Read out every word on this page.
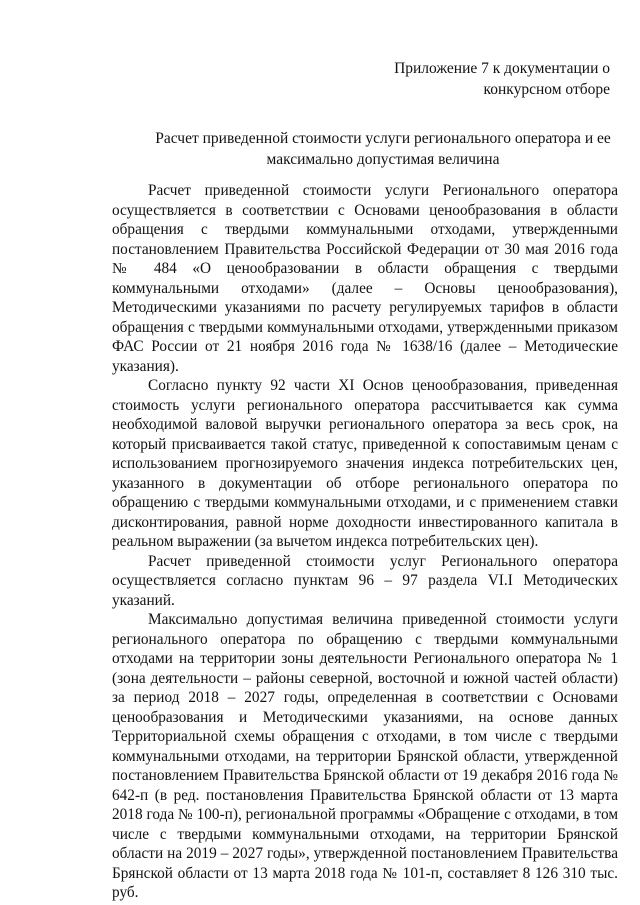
Приложение 7 к документации о
конкурсном отборе
Расчет приведенной стоимости услуги регионального оператора и ее
максимально допустимая величина

Расчет приведенной стоимости услуги Регионального оператора осуществляется в соответствии с Основами ценообразования в области обращения с твердыми коммунальными отходами, утвержденными постановлением Правительства Российской Федерации от 30 мая 2016 года № 484 «О ценообразовании в области обращения с твердыми коммунальными отходами» (далее – Основы ценообразования), Методическими указаниями по расчету регулируемых тарифов в области обращения с твердыми коммунальными отходами, утвержденными приказом ФАС России от 21 ноября 2016 года № 1638/16 (далее – Методические указания).

Согласно пункту 92 части XI Основ ценообразования, приведенная стоимость услуги регионального оператора рассчитывается как сумма необходимой валовой выручки регионального оператора за весь срок, на который присваивается такой статус, приведенной к сопоставимым ценам с использованием прогнозируемого значения индекса потребительских цен, указанного в документации об отборе регионального оператора по обращению с твердыми коммунальными отходами, и с применением ставки дисконтирования, равной норме доходности инвестированного капитала в реальном выражении (за вычетом индекса потребительских цен).

Расчет приведенной стоимости услуг Регионального оператора осуществляется согласно пунктам 96 – 97 раздела VI.I Методических указаний.

Максимально допустимая величина приведенной стоимости услуги регионального оператора по обращению с твердыми коммунальными отходами на территории зоны деятельности Регионального оператора № 1 (зона деятельности – районы северной, восточной и южной частей области) за период 2018 – 2027 годы, определенная в соответствии с Основами ценообразования и Методическими указаниями, на основе данных Территориальной схемы обращения с отходами, в том числе с твердыми коммунальными отходами, на территории Брянской области, утвержденной постановлением Правительства Брянской области от 19 декабря 2016 года № 642-п (в ред. постановления Правительства Брянской области от 13 марта 2018 года № 100-п), региональной программы «Обращение с отходами, в том числе с твердыми коммунальными отходами, на территории Брянской области на 2019 – 2027 годы», утвержденной постановлением Правительства Брянской области от 13 марта 2018 года № 101-п, составляет 8 126 310 тыс. руб.
